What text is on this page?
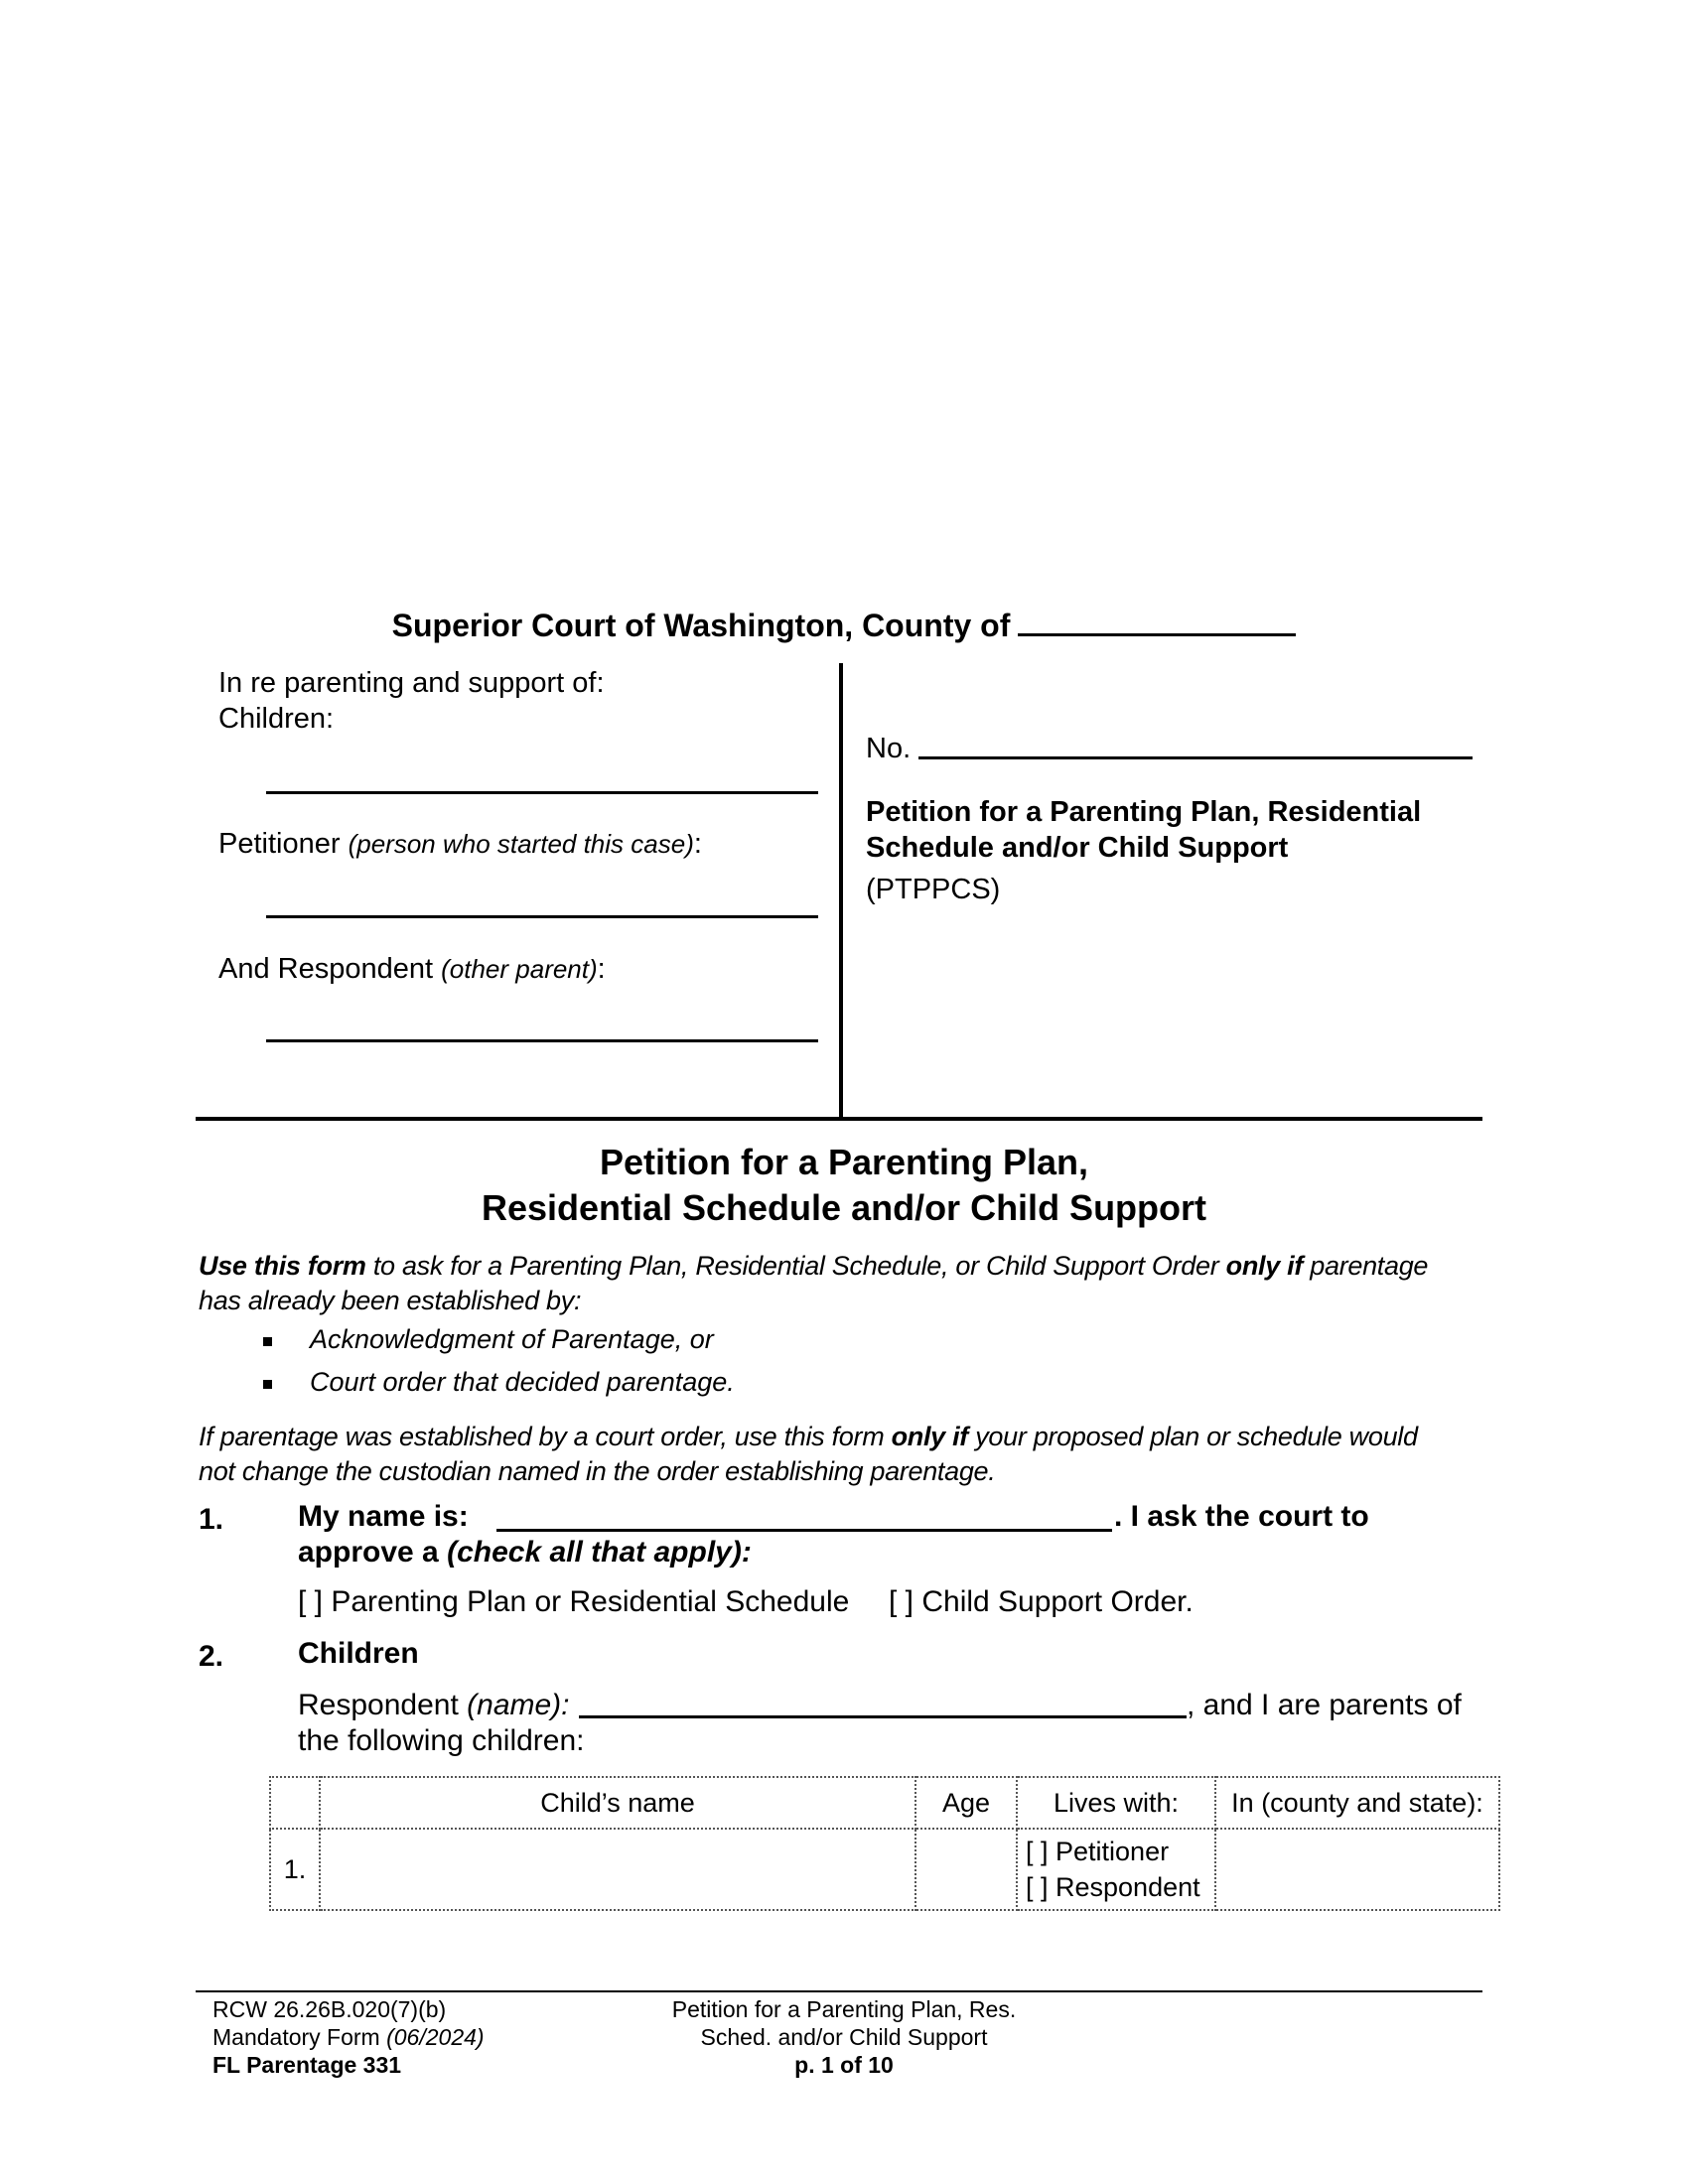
Superior Court of Washington, County of
In re parenting and support of:
Children:
Petitioner (person who started this case):
And Respondent (other parent):
No.
Petition for a Parenting Plan, Residential Schedule and/or Child Support
(PTPPCS)
Petition for a Parenting Plan,
Residential Schedule and/or Child Support
Use this form to ask for a Parenting Plan, Residential Schedule, or Child Support Order only if parentage has already been established by:
Acknowledgment of Parentage, or
Court order that decided parentage.
If parentage was established by a court order, use this form only if your proposed plan or schedule would not change the custodian named in the order establishing parentage.
1. My name is:	. I ask the court to
approve a (check all that apply):
[ ] Parenting Plan or Residential Schedule [ ] Child Support Order.
2. Children
Respondent (name):	, and I are parents of
the following children:
	Child’s name	Age	Lives with:	In (county and state):
1.			[ ] Petitioner
[ ] Respondent	

RCW 26.26B.020(7)(b)
Mandatory Form (06/2024)
FL Parentage 331
Petition for a Parenting Plan, Res.
Sched. and/or Child Support
p. 1 of 10
